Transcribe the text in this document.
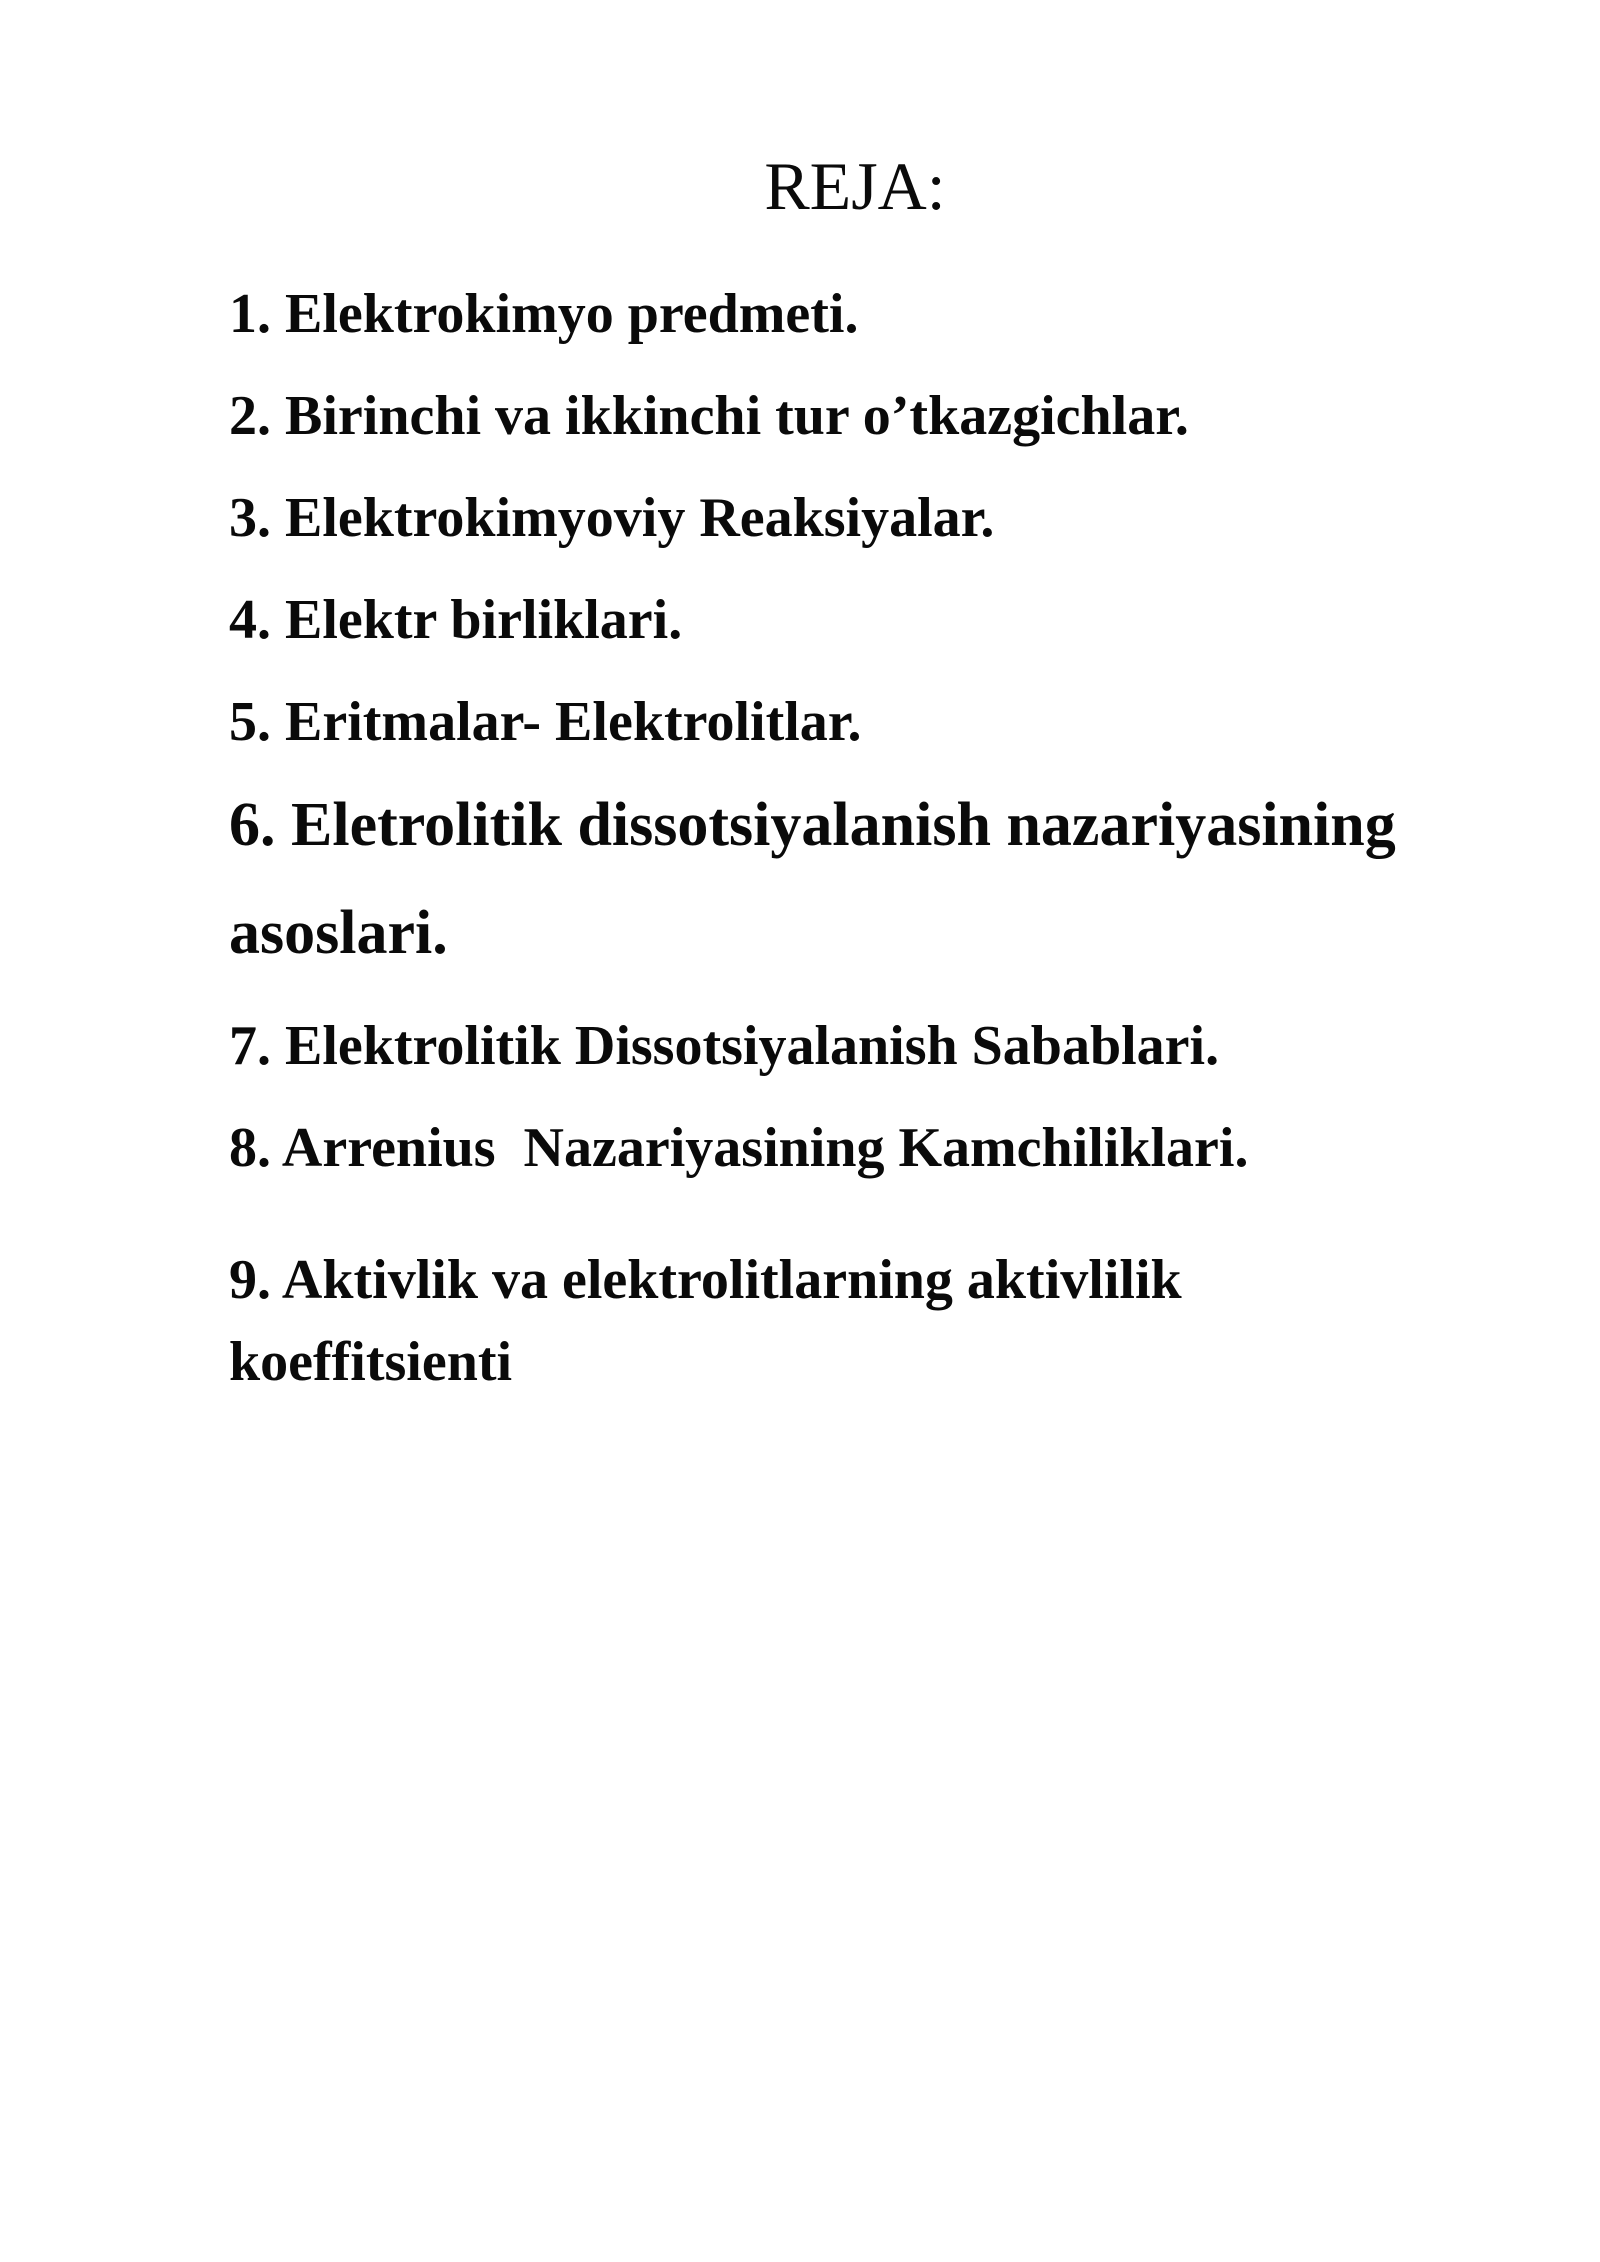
REJA:
1. Elektrokimyo predmeti.
2. Birinchi va ikkinchi tur o’tkazgichlar.
3. Elektrokimyoviy Reaksiyalar.
4. Elektr birliklari.
5. Eritmalar- Elektrolitlar.
6. Eletrolitik dissotsiyalanish nazariyasining
asoslari.
7. Elektrolitik Dissotsiyalanish Sabablari.
8. Arrenius  Nazariyasining Kamchiliklari.
9. Aktivlik va elektrolitlarning aktivlilik
koeffitsienti
